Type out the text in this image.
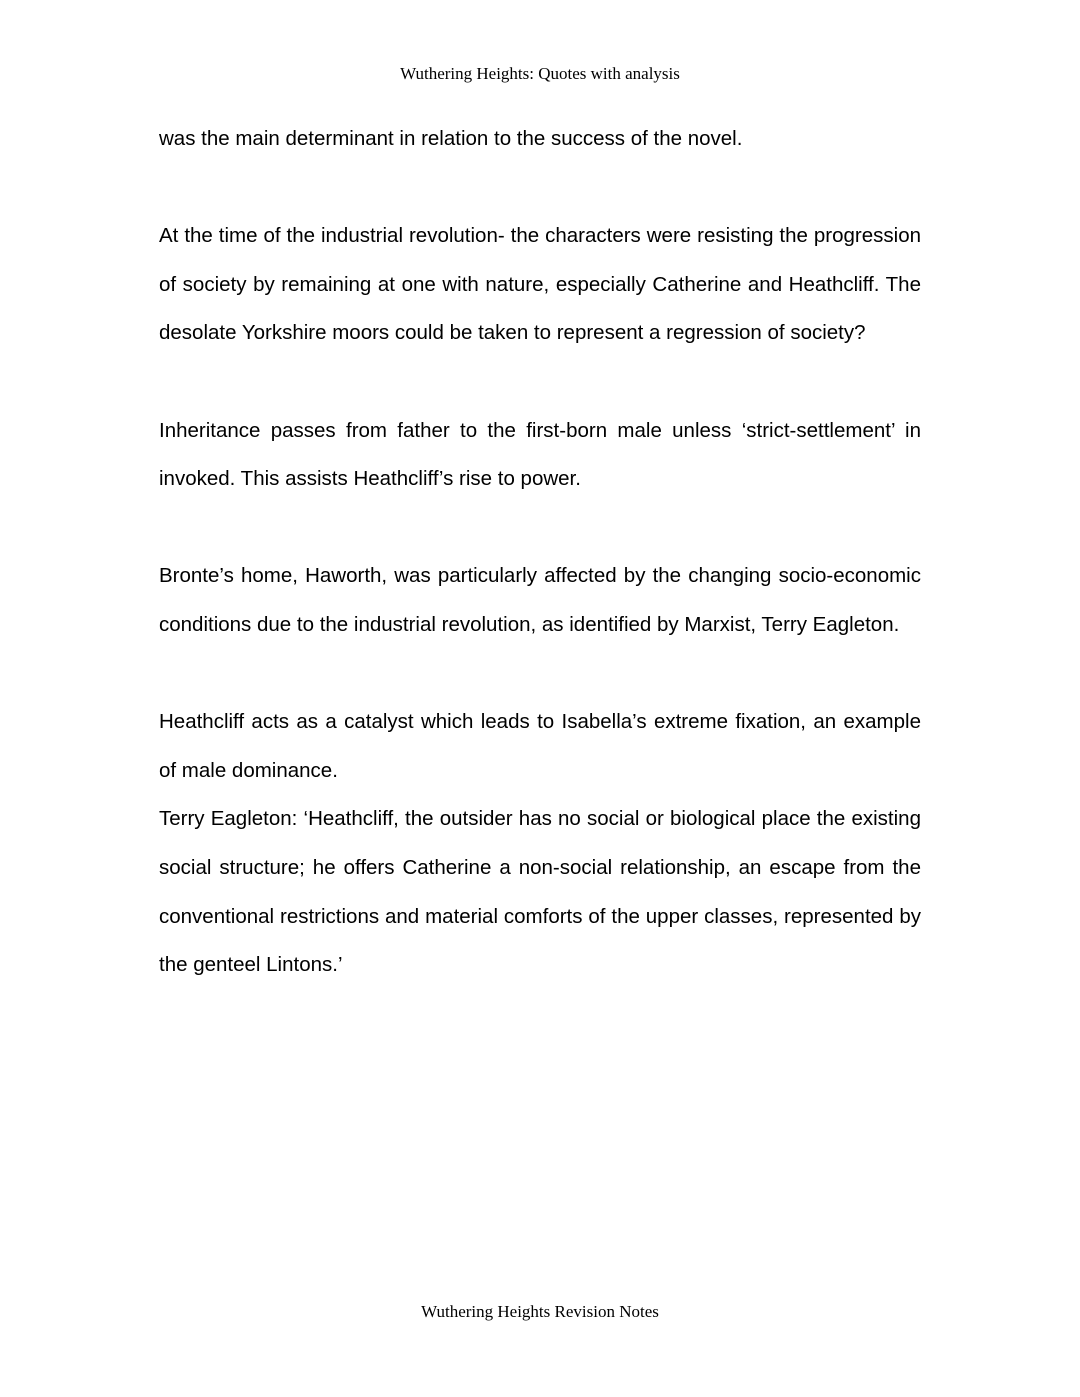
Wuthering Heights: Quotes with analysis

was the main determinant in relation to the success of the novel.

At the time of the industrial revolution- the characters were resisting the progression of society by remaining at one with nature, especially Catherine and Heathcliff. The desolate Yorkshire moors could be taken to represent a regression of society?

Inheritance passes from father to the first-born male unless ‘strict-settlement’ in invoked. This assists Heathcliff’s rise to power.

Bronte’s home, Haworth, was particularly affected by the changing socio-economic conditions due to the industrial revolution, as identified by Marxist, Terry Eagleton.

Heathcliff acts as a catalyst which leads to Isabella’s extreme fixation, an example of male dominance.

Terry Eagleton: ‘Heathcliff, the outsider has no social or biological place the existing social structure; he offers Catherine a non-social relationship, an escape from the conventional restrictions and material comforts of the upper classes, represented by the genteel Lintons.’

Wuthering Heights Revision Notes
